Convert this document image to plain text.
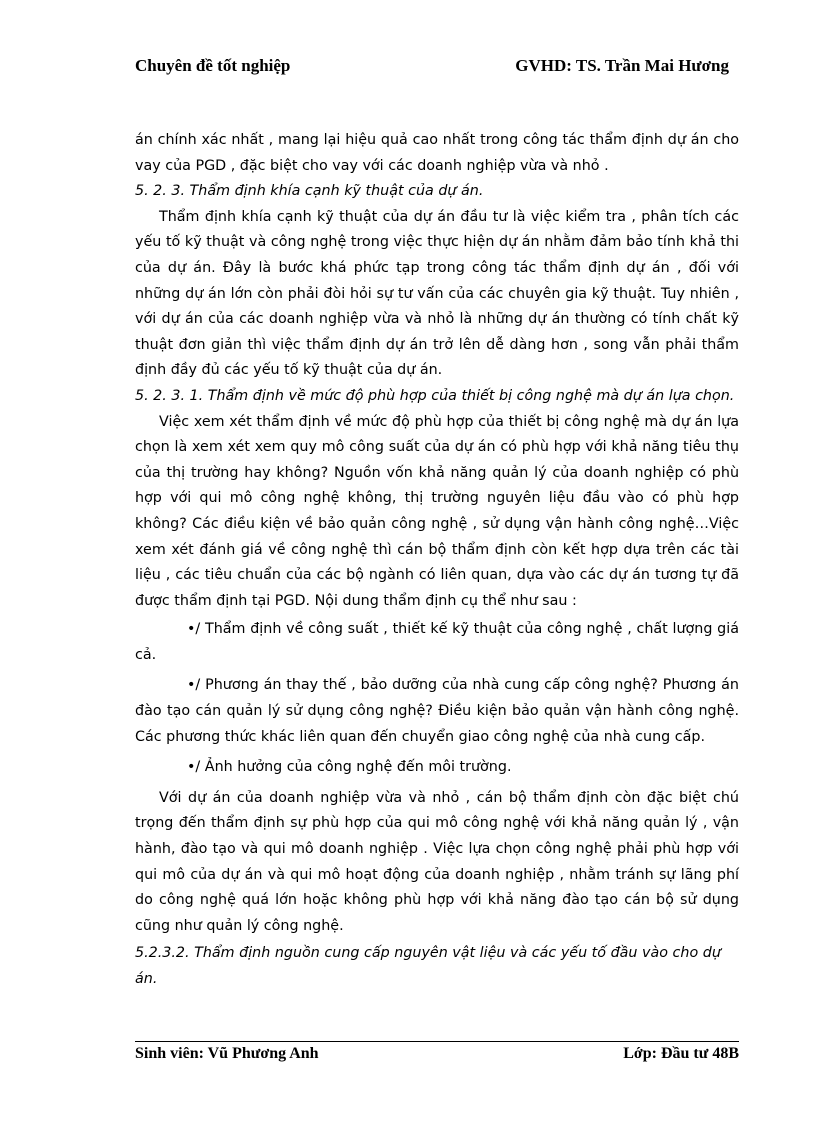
Chuyên đề tốt nghiệp	GVHD: TS. Trần Mai Hương

án chính xác nhất , mang lại hiệu quả cao nhất trong công tác thẩm định dự án cho vay của PGD , đặc biệt cho vay với các doanh nghiệp vừa và nhỏ .

5. 2. 3. Thẩm định khía cạnh kỹ thuật của dự án.

Thẩm định khía cạnh kỹ thuật của dự án đầu tư là việc kiểm tra , phân tích các yếu tố kỹ thuật và công nghệ trong việc thực hiện dự án nhằm đảm bảo tính khả thi của dự án. Đây là bước khá phức tạp trong công tác thẩm định dự án , đối với những dự án lớn còn phải đòi hỏi sự tư vấn của các chuyên gia kỹ thuật. Tuy nhiên , với dự án của các doanh nghiệp vừa và nhỏ là những dự án thường có tính chất kỹ thuật đơn giản thì việc thẩm định dự án trở lên dễ dàng hơn , song vẫn phải thẩm định đầy đủ các yếu tố kỹ thuật của dự án.

5. 2. 3. 1. Thẩm định về mức độ phù hợp của thiết bị công nghệ mà dự án lựa chọn.

Việc xem xét thẩm định về mức độ phù hợp của thiết bị công nghệ mà dự án lựa chọn là xem xét xem quy mô công suất của dự án có phù hợp với khả năng tiêu thụ của thị trường hay không? Nguồn vốn khả năng quản lý của doanh nghiệp có phù hợp với qui mô công nghệ không, thị trường nguyên liệu đầu vào có phù hợp không? Các điều kiện về bảo quản công nghệ , sử dụng vận hành công nghệ…Việc xem xét đánh giá về công nghệ thì cán bộ thẩm định còn kết hợp dựa trên các tài liệu , các tiêu chuẩn của các bộ ngành có liên quan, dựa vào các dự án tương tự đã được thẩm định tại PGD. Nội dung thẩm định cụ thể như sau :

•/ Thẩm định về công suất , thiết kế kỹ thuật của công nghệ , chất lượng giá cả.

•/ Phương án thay thế , bảo dưỡng của nhà cung cấp công nghệ? Phương án đào tạo cán quản lý sử dụng công nghệ? Điều kiện bảo quản vận hành công nghệ. Các phương thức khác liên quan đến chuyển giao công nghệ của nhà cung cấp.

•/ Ảnh hưởng của công nghệ đến môi trường.

Với dự án của doanh nghiệp vừa và nhỏ , cán bộ thẩm định còn đặc biệt chú trọng đến thẩm định sự phù hợp của qui mô công nghệ với khả năng quản lý , vận hành, đào tạo và qui mô doanh nghiệp . Việc lựa chọn công nghệ phải phù hợp với qui mô của dự án và qui mô hoạt động của doanh nghiệp , nhằm tránh sự lãng phí do công nghệ quá lớn hoặc không phù hợp với khả năng đào tạo cán bộ sử dụng cũng như quản lý công nghệ.

5.2.3.2. Thẩm định nguồn cung cấp nguyên vật liệu và các yếu tố đầu vào cho dự án.

Sinh viên: Vũ Phương Anh	Lớp: Đầu tư 48B
